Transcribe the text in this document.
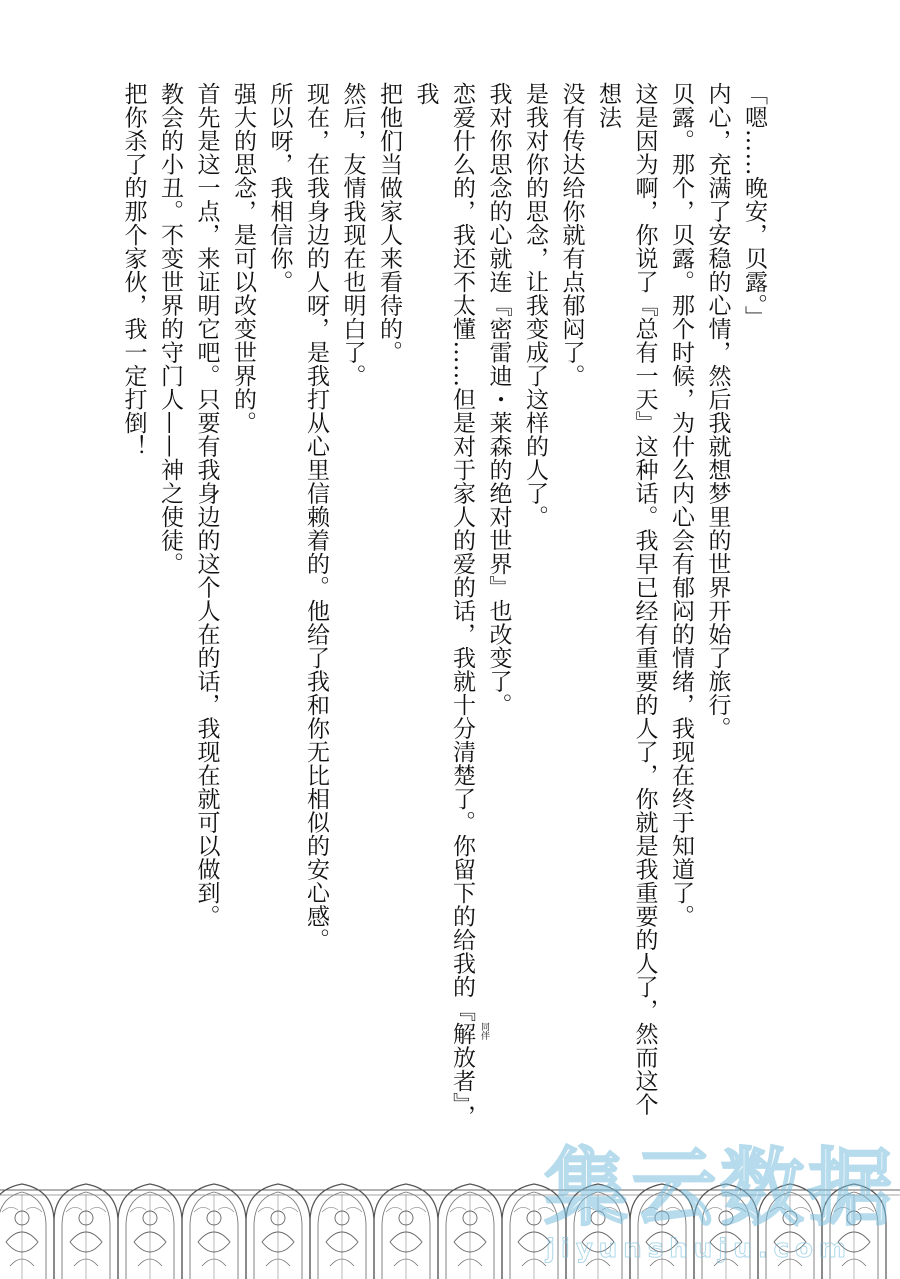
「嗯……晚安，贝露。」
内心，充满了安稳的心情，然后我就想梦里的世界开始了旅行。
贝露。那个，贝露。那个时候，为什么内心会有郁闷的情绪，我现在终于知道了。
这是因为啊，你说了『总有一天』这种话。我早已经有重要的人了，你就是我重要的人了，然而这个想法
没有传达给你就有点郁闷了。
是我对你的思念，让我变成了这样的人了。
我对你思念的心就连『密雷迪・莱森的绝对世界』也改变了。
恋爱什么的，我还不太懂……但是对于家人的爱的话，我就十分清楚了。你留下的给我的『解放者 同伴
』，我
把他们当做家人来看待的。
然后，友情我现在也明白了。
现在，在我身边的人呀，是我打从心里信赖着的。他给了我和你无比相似的安心感。
所以呀，我相信你。
强大的思念，是可以改变世界的。
首先是这一点，来证明它吧。只要有我身边的这个人在的话，我现在就可以做到。
教会的小丑。不变世界的守门人——神之使徒。
把你杀了的那个家伙，我一定打倒！
集云数据
jiyunshuju.com
